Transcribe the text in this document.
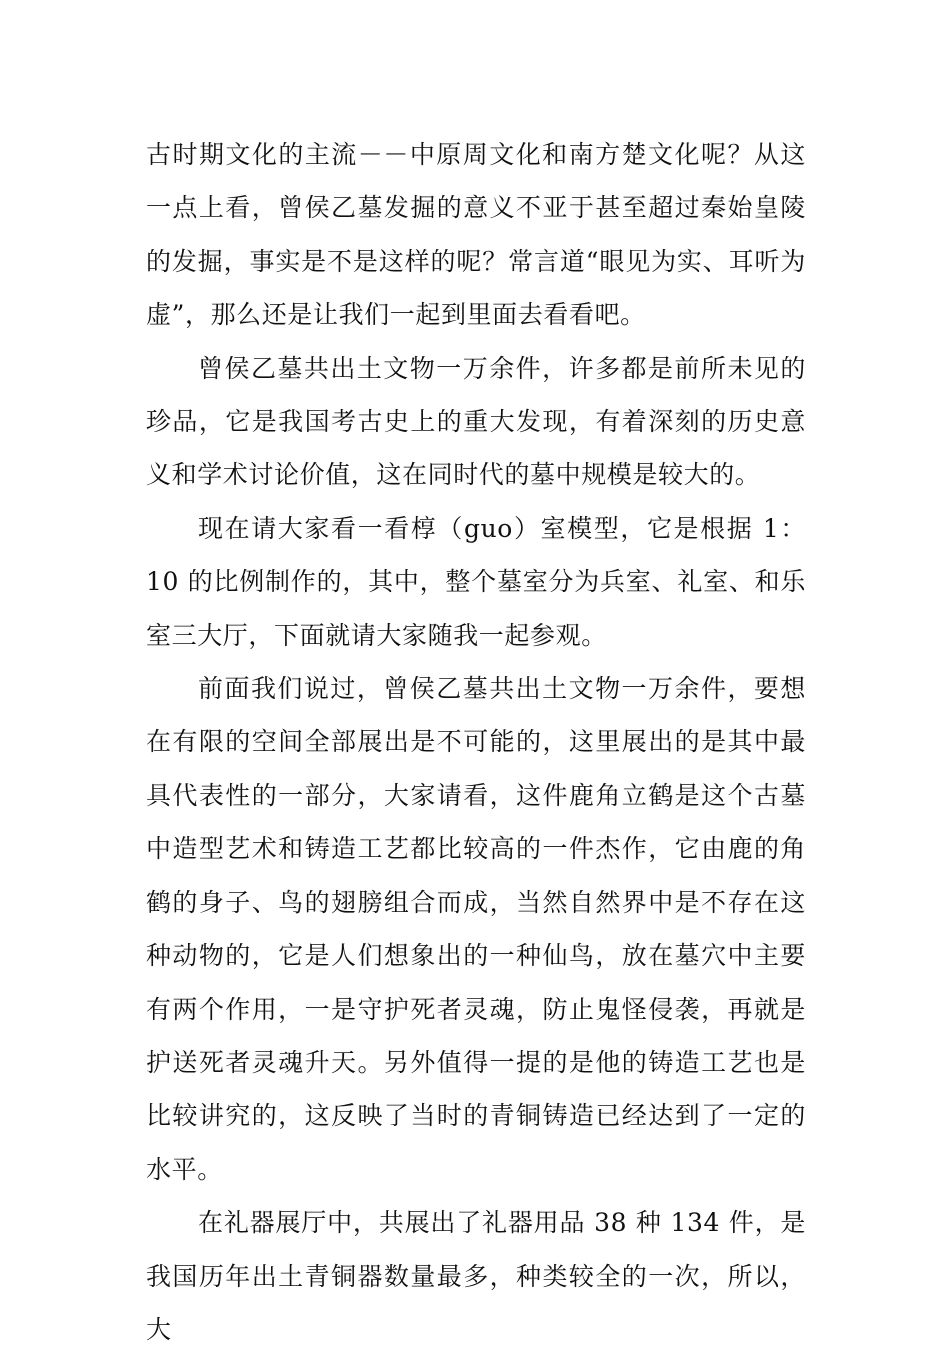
古时期文化的主流－－中原周文化和南方楚文化呢？从这一点上看，曾侯乙墓发掘的意义不亚于甚至超过秦始皇陵的发掘，事实是不是这样的呢？常言道“眼见为实、耳听为虚”，那么还是让我们一起到里面去看看吧。

曾侯乙墓共出土文物一万余件，许多都是前所未见的珍品，它是我国考古史上的重大发现，有着深刻的历史意义和学术讨论价值，这在同时代的墓中规模是较大的。

现在请大家看一看椁（guo）室模型，它是根据 1：10 的比例制作的，其中，整个墓室分为兵室、礼室、和乐室三大厅，下面就请大家随我一起参观。

前面我们说过，曾侯乙墓共出土文物一万余件，要想在有限的空间全部展出是不可能的，这里展出的是其中最具代表性的一部分，大家请看，这件鹿角立鹤是这个古墓中造型艺术和铸造工艺都比较高的一件杰作，它由鹿的角鹤的身子、鸟的翅膀组合而成，当然自然界中是不存在这种动物的，它是人们想象出的一种仙鸟，放在墓穴中主要有两个作用，一是守护死者灵魂，防止鬼怪侵袭，再就是护送死者灵魂升天。另外值得一提的是他的铸造工艺也是比较讲究的，这反映了当时的青铜铸造已经达到了一定的水平。

在礼器展厅中，共展出了礼器用品 38 种 134 件，是我国历年出土青铜器数量最多，种类较全的一次，所以，大
